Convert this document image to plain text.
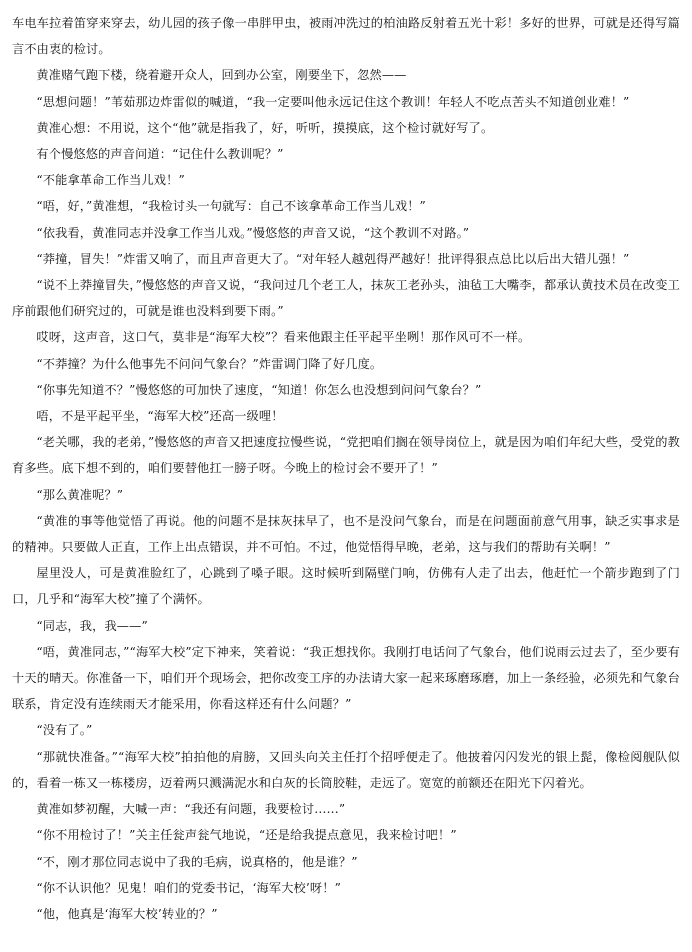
车电车拉着笛穿来穿去，幼儿园的孩子像一串胖甲虫，被雨冲洗过的柏油路反射着五光十彩！多好的世界，可就是还得写篇言不由衷的检讨。

黄准赌气跑下楼，绕着避开众人，回到办公室，刚要坐下，忽然——

“思想问题！”苇茹那边炸雷似的喊道，“我一定要叫他永远记住这个教训！年轻人不吃点苦头不知道创业难！”

黄准心想：不用说，这个“他”就是指我了，好，听听，摸摸底，这个检讨就好写了。

有个慢悠悠的声音问道：“记住什么教训呢？”

“不能拿革命工作当儿戏！”

“唔，好，”黄准想，“我检讨头一句就写：自己不该拿革命工作当儿戏！”

“依我看，黄准同志并没拿工作当儿戏。”慢悠悠的声音又说，“这个教训不对路。”

“莽撞，冒失！”炸雷又响了，而且声音更大了。“对年轻人越剋得严越好！批评得狠点总比以后出大错儿强！”

“说不上莽撞冒失，”慢悠悠的声音又说，“我问过几个老工人，抹灰工老孙头，油毡工大嘴李，都承认黄技术员在改变工序前跟他们研究过的，可就是谁也没料到要下雨。”

哎呀，这声音，这口气，莫非是“海军大校”？看来他跟主任平起平坐咧！那作风可不一样。

“不莽撞？为什么他事先不问问气象台？”炸雷调门降了好几度。

“你事先知道不？”慢悠悠的可加快了速度，“知道！你怎么也没想到问问气象台？”

唔，不是平起平坐，“海军大校”还高一级哩！

“老关哪，我的老弟，”慢悠悠的声音又把速度拉慢些说，“党把咱们搁在领导岗位上，就是因为咱们年纪大些，受党的教育多些。底下想不到的，咱们要替他扛一膀子呀。今晚上的检讨会不要开了！”

“那么黄准呢？”

“黄准的事等他觉悟了再说。他的问题不是抹灰抹早了，也不是没问气象台，而是在问题面前意气用事，缺乏实事求是的精神。只要做人正直，工作上出点错误，并不可怕。不过，他觉悟得早晚，老弟，这与我们的帮助有关啊！”

屋里没人，可是黄准脸红了，心跳到了嗓子眼。这时候听到隔壁门响，仿佛有人走了出去，他赶忙一个箭步跑到了门口，几乎和“海军大校”撞了个满怀。

“同志，我，我——”

“唔，黄准同志，”“海军大校”定下神来，笑着说：“我正想找你。我刚打电话问了气象台，他们说雨云过去了，至少要有十天的晴天。你准备一下，咱们开个现场会，把你改变工序的办法请大家一起来琢磨琢磨，加上一条经验，必须先和气象台联系，肯定没有连续雨天才能采用，你看这样还有什么问题？”

“没有了。”

“那就快准备。”“海军大校”拍拍他的肩膀，又回头向关主任打个招呼便走了。他披着闪闪发光的银上髭，像检阅舰队似的，看着一栋又一栋楼房，迈着两只溅满泥水和白灰的长筒胶鞋，走远了。宽宽的前额还在阳光下闪着光。

黄准如梦初醒，大喊一声：“我还有问题，我要检讨……”

“你不用检讨了！”关主任瓮声瓮气地说，“还是给我提点意见，我来检讨吧！”

“不，刚才那位同志说中了我的毛病，说真格的，他是谁？”

“你不认识他？见鬼！咱们的党委书记，‘海军大校’呀！”

“他，他真是‘海军大校’转业的？”
